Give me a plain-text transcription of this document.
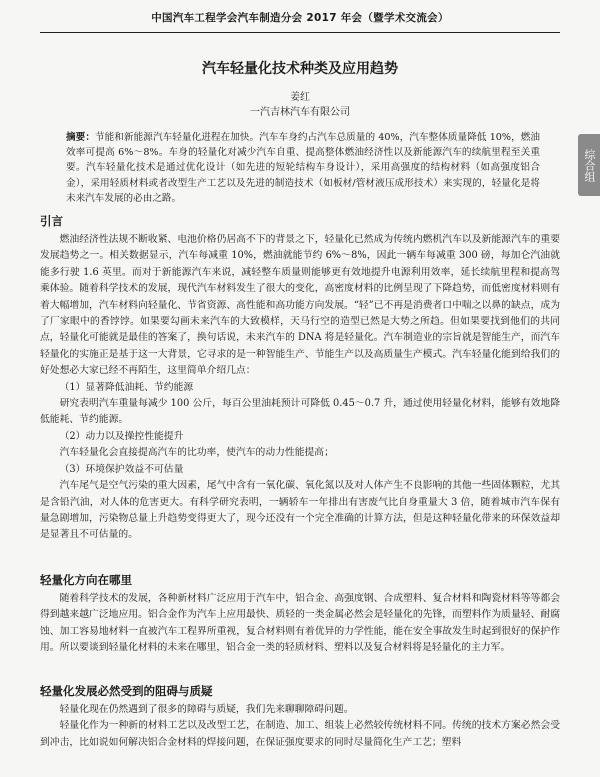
中国汽车工程学会汽车制造分会 2017 年会（暨学术交流会）
汽车轻量化技术种类及应用趋势
姜红
一汽吉林汽车有限公司

摘要：节能和新能源汽车轻量化进程在加快。汽车车身约占汽车总质量的 40%，汽车整体质量降低 10%，燃油效率可提高 6%～8%。车身的轻量化对减少汽车自重、提高整体燃油经济性以及新能源汽车的续航里程至关重要。汽车轻量化技术是通过优化设计（如先进的短轮结构车身设计），采用高强度的结构材料（如高强度铝合金），采用轻质材料或者改型生产工艺以及先进的制造技术（如板材/管材液压成形技术）来实现的，轻量化是将未来汽车发展的必由之路。

综合组
引言

燃油经济性法规不断收紧、电池价格仍居高不下的背景之下，轻量化已然成为传统内燃机汽车以及新能源汽车的重要发展趋势之一。相关数据显示，汽车每减重 10%，燃油就能节约 6%～8%，因此一辆车每减重 300 磅，每加仑汽油就能多行驶 1.6 英里。而对于新能源汽车来说，减轻整车质量则能够更有效地提升电源利用效率，延长续航里程和提高驾乘体验。随着科学技术的发展，现代汽车材料发生了很大的变化，高密度材料的比例呈现了下降趋势，而低密度材料则有着大幅增加，汽车材料向轻量化、节省资源、高性能和高功能方向发展。“轻”已不再是消费者口中喘之以鼻的缺点，成为了厂家眼中的香饽饽。如果要勾画未来汽车的大致模样，天马行空的造型已然是大势之所趋。但如果要找到他们的共同点，轻量化可能就是最佳的答案了，换句话说，未来汽车的 DNA 将是轻量化。汽车制造业的宗旨就是智能生产，而汽车轻量化的实施正是基于这一大背景，它寻求的是一种智能生产、节能生产以及高质量生产模式。汽车轻量化能到给我们的好处想必大家已经不再陌生，这里简单介绍几点：

（1）显著降低油耗、节约能源

研究表明汽车重量每减少 100 公斤，每百公里油耗预计可降低 0.45～0.7 升，通过使用轻量化材料，能够有效地降低能耗、节约能源。

（2）动力以及操控性能提升

汽车轻量化会直接提高汽车的比功率，使汽车的动力性能提高；

（3）环境保护效益不可估量

汽车尾气是空气污染的重大因素，尾气中含有一氧化碳、氧化氮以及对人体产生不良影响的其他一些固体颗粒，尤其是含铅汽油，对人体的危害更大。有科学研究表明，一辆轿车一年排出有害废气比自身重量大 3 倍，随着城市汽车保有量急剧增加，污染物总量上升趋势变得更大了，现今还没有一个完全准确的计算方法，但是这种轻量化带来的环保效益却是显著且不可估量的。

轻量化方向在哪里

随着科学技术的发展，各种新材料广泛应用于汽车中，铝合金、高强度钢、合成塑料、复合材料和陶瓷材料等等都会得到越来越广泛地应用。铝合金作为汽车上应用最快、质轻的一类金属必然会是轻量化的先锋，而塑料作为质量轻、耐腐蚀、加工容易地材料一直被汽车工程界所重视，复合材料则有着优异的力学性能，能在安全事故发生时起到很好的保护作用。所以要谈到轻量化材料的未来在哪里，铝合金一类的轻质材料、塑料以及复合材料将是轻量化的主力军。

轻量化发展必然受到的阻碍与质疑

轻量化现在仍然遇到了很多的障碍与质疑，我们先来聊聊障碍问题。

轻量化作为一种新的材料工艺以及改型工艺，在制造、加工、组装上必然较传统材料不同。传统的技术方案必然会受到冲击，比如说如何解决铝合金材料的焊接问题，在保证强度要求的同时尽量简化生产工艺；塑料
